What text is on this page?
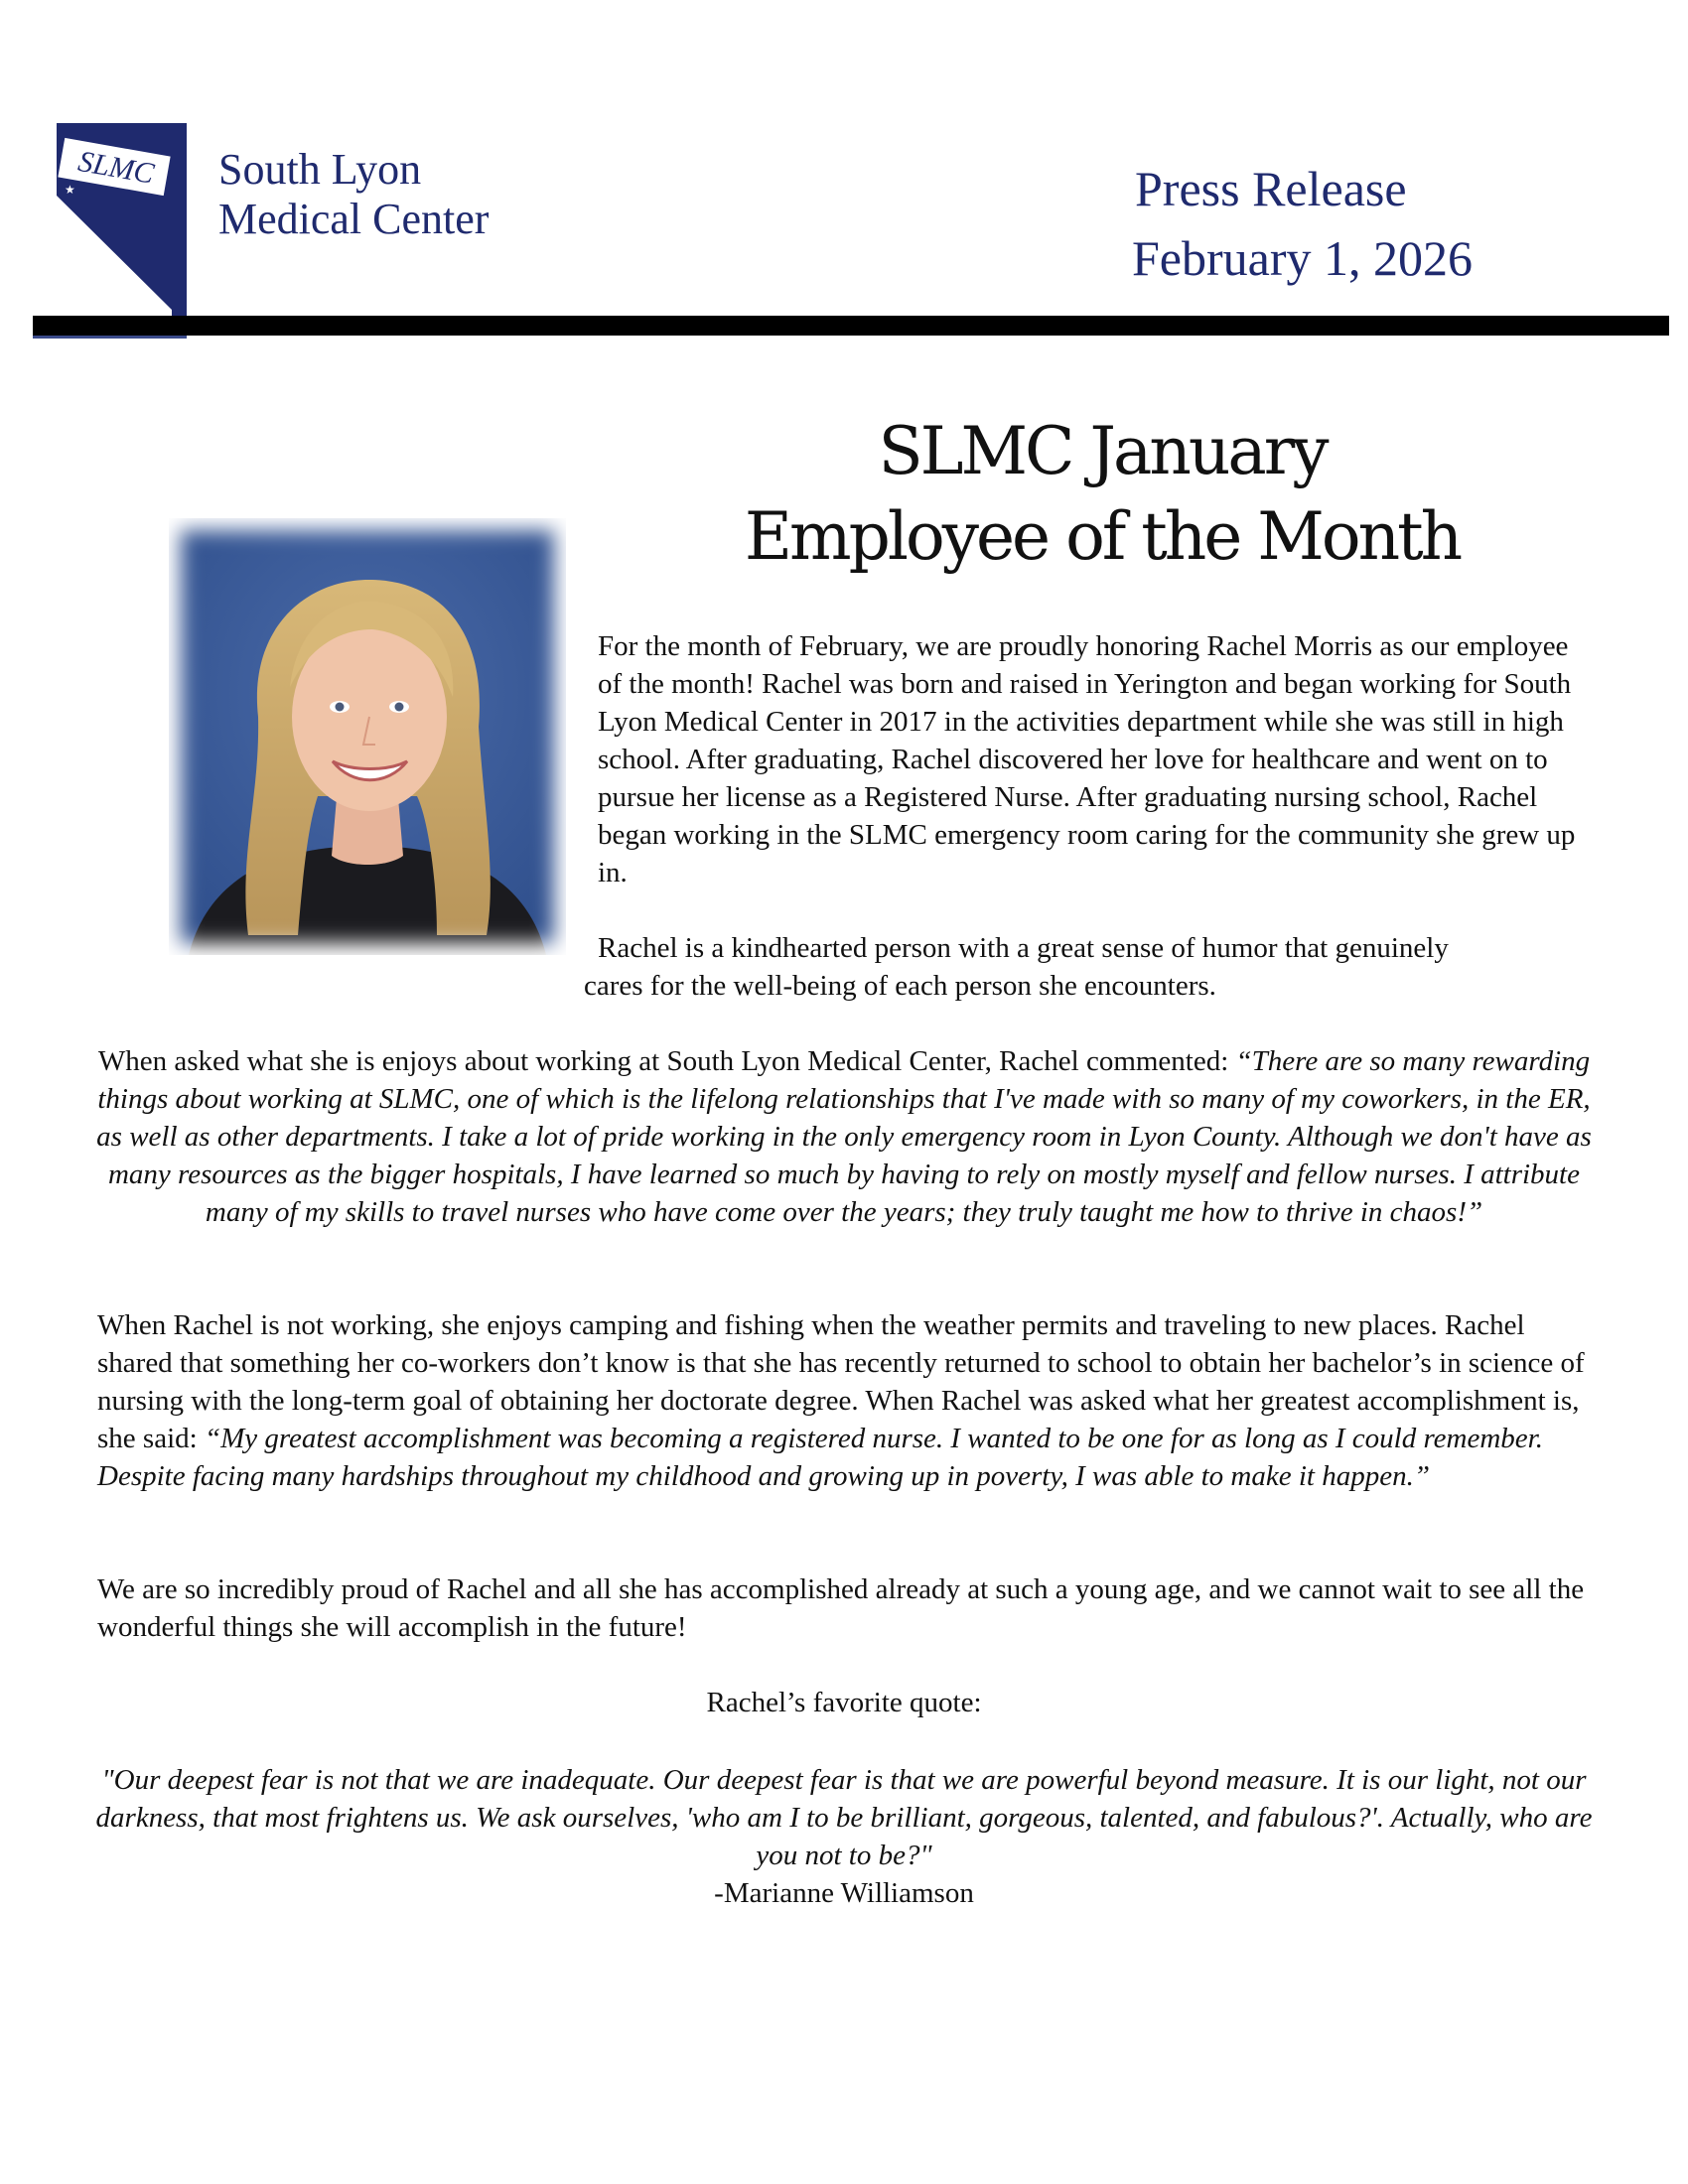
SLMC
★	South Lyon
Medical Center
Press Release
February 1, 2026
SLMC January
Employee of the Month
For the month of February, we are proudly honoring Rachel Morris as our employee of the month! Rachel was born and raised in Yerington and began working for South Lyon Medical Center in 2017 in the activities department while she was still in high school. After graduating, Rachel discovered her love for healthcare and went on to pursue her license as a Registered Nurse. After graduating nursing school, Rachel began working in the SLMC emergency room caring for the community she grew up in.
Rachel is a kindhearted person with a great sense of humor that genuinely
cares for the well-being of each person she encounters.
When asked what she is enjoys about working at South Lyon Medical Center, Rachel commented: “There are so many rewarding things about working at SLMC, one of which is the lifelong relationships that I've made with so many of my coworkers, in the ER, as well as other departments. I take a lot of pride working in the only emergency room in Lyon County. Although we don't have as many resources as the bigger hospitals, I have learned so much by having to rely on mostly myself and fellow nurses. I attribute many of my skills to travel nurses who have come over the years; they truly taught me how to thrive in chaos!”
When Rachel is not working, she enjoys camping and fishing when the weather permits and traveling to new places. Rachel shared that something her co-workers don’t know is that she has recently returned to school to obtain her bachelor’s in science of nursing with the long-term goal of obtaining her doctorate degree. When Rachel was asked what her greatest accomplishment is, she said: “My greatest accomplishment was becoming a registered nurse. I wanted to be one for as long as I could remember. Despite facing many hardships throughout my childhood and growing up in poverty, I was able to make it happen.”
We are so incredibly proud of Rachel and all she has accomplished already at such a young age, and we cannot wait to see all the wonderful things she will accomplish in the future!
Rachel’s favorite quote:
"Our deepest fear is not that we are inadequate. Our deepest fear is that we are powerful beyond measure. It is our light, not our darkness, that most frightens us. We ask ourselves, 'who am I to be brilliant, gorgeous, talented, and fabulous?'. Actually, who are you not to be?"
-Marianne Williamson
